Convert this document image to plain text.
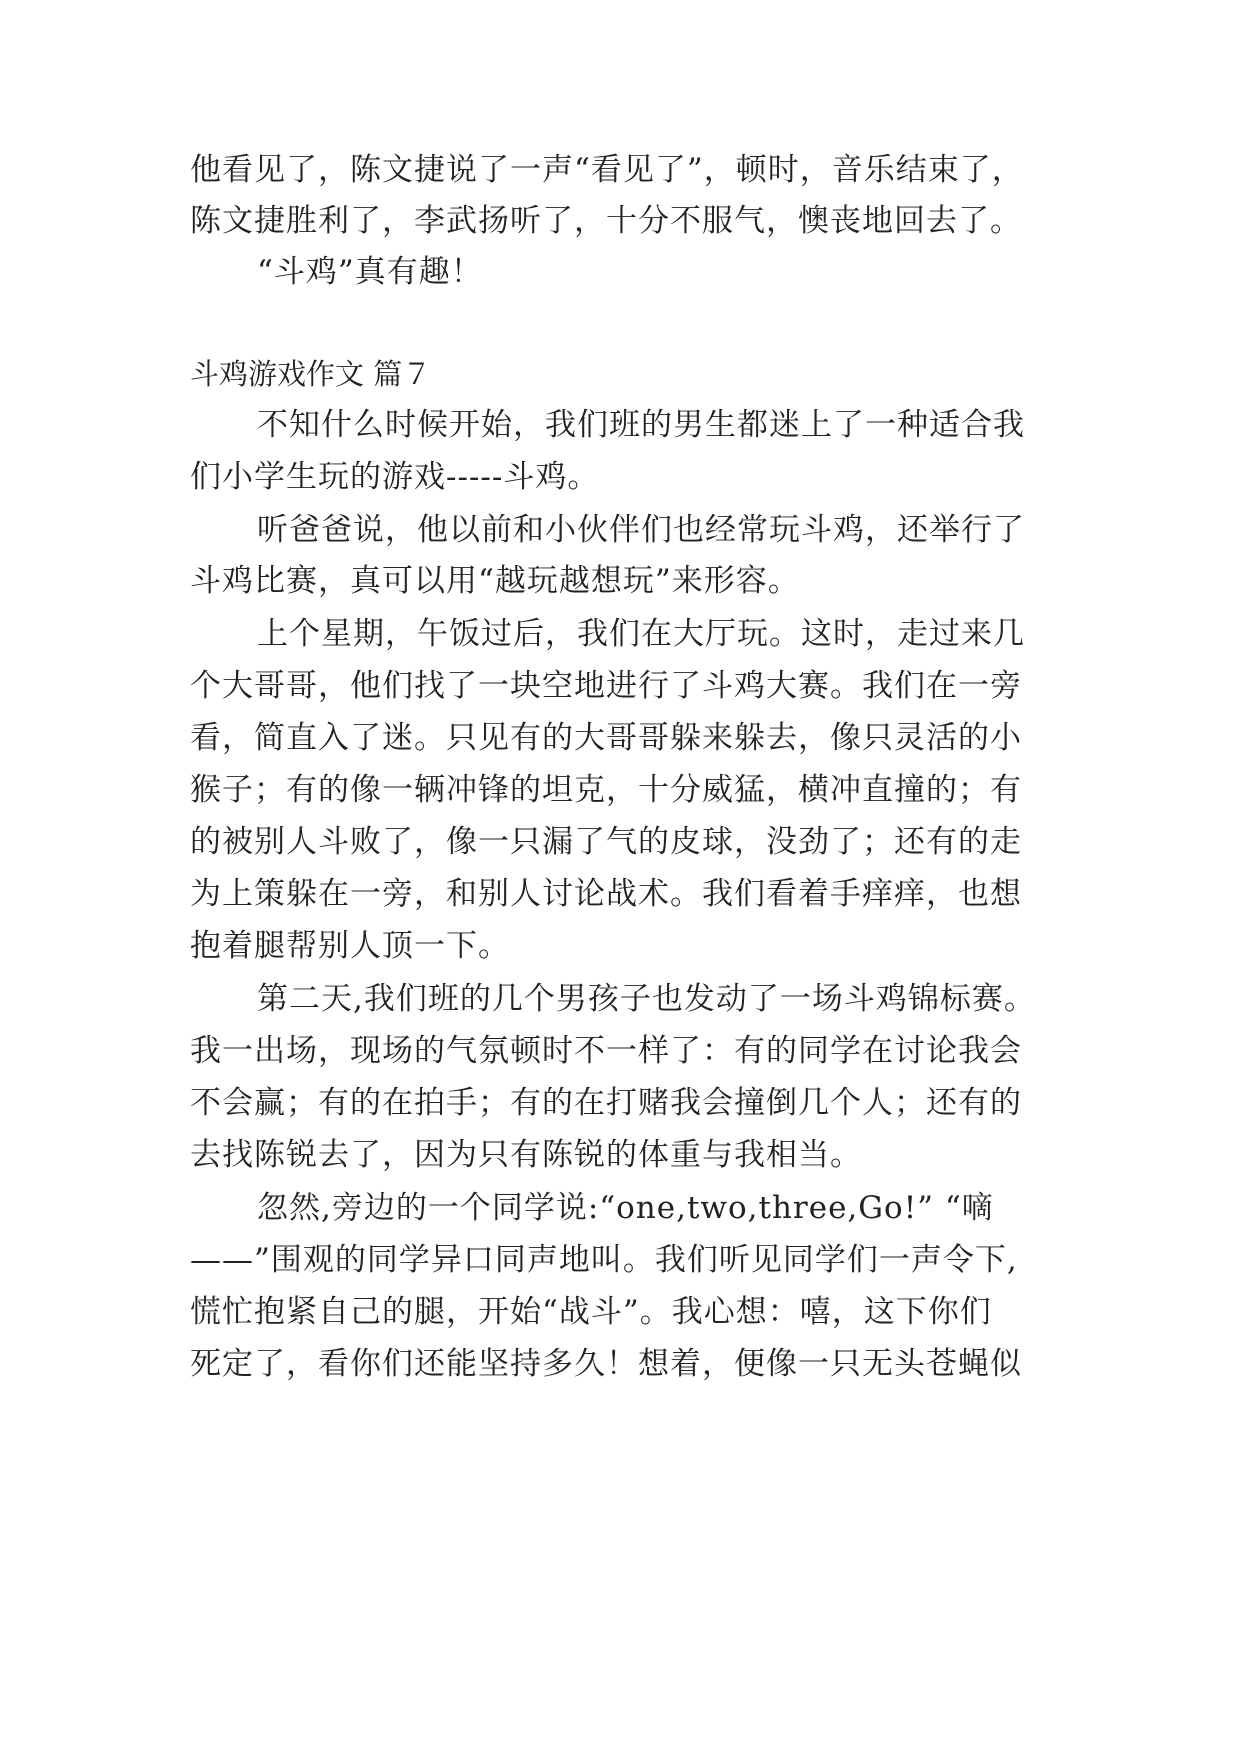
他看见了，陈文捷说了一声“看见了”，顿时，音乐结束了，

陈文捷胜利了，李武扬听了，十分不服气，懊丧地回去了。

“斗鸡”真有趣！

斗鸡游戏作文 篇７

不知什么时候开始，我们班的男生都迷上了一种适合我

们小学生玩的游戏-----斗鸡。

听爸爸说，他以前和小伙伴们也经常玩斗鸡，还举行了

斗鸡比赛，真可以用“越玩越想玩”来形容。

上个星期，午饭过后，我们在大厅玩。这时，走过来几

个大哥哥，他们找了一块空地进行了斗鸡大赛。我们在一旁

看，简直入了迷。只见有的大哥哥躲来躲去，像只灵活的小

猴子；有的像一辆冲锋的坦克，十分威猛，横冲直撞的；有

的被别人斗败了，像一只漏了气的皮球，没劲了；还有的走

为上策躲在一旁，和别人讨论战术。我们看着手痒痒，也想

抱着腿帮别人顶一下。

第二天,我们班的几个男孩子也发动了一场斗鸡锦标赛。

我一出场，现场的气氛顿时不一样了：有的同学在讨论我会

不会赢；有的在拍手；有的在打赌我会撞倒几个人；还有的

去找陈锐去了，因为只有陈锐的体重与我相当。

忽然,旁边的一个同学说:“one,two,three,Go!” “嘀

——”围观的同学异口同声地叫。我们听见同学们一声令下,

慌忙抱紧自己的腿，开始“战斗”。我心想：嘻，这下你们

死定了，看你们还能坚持多久！想着，便像一只无头苍蝇似
